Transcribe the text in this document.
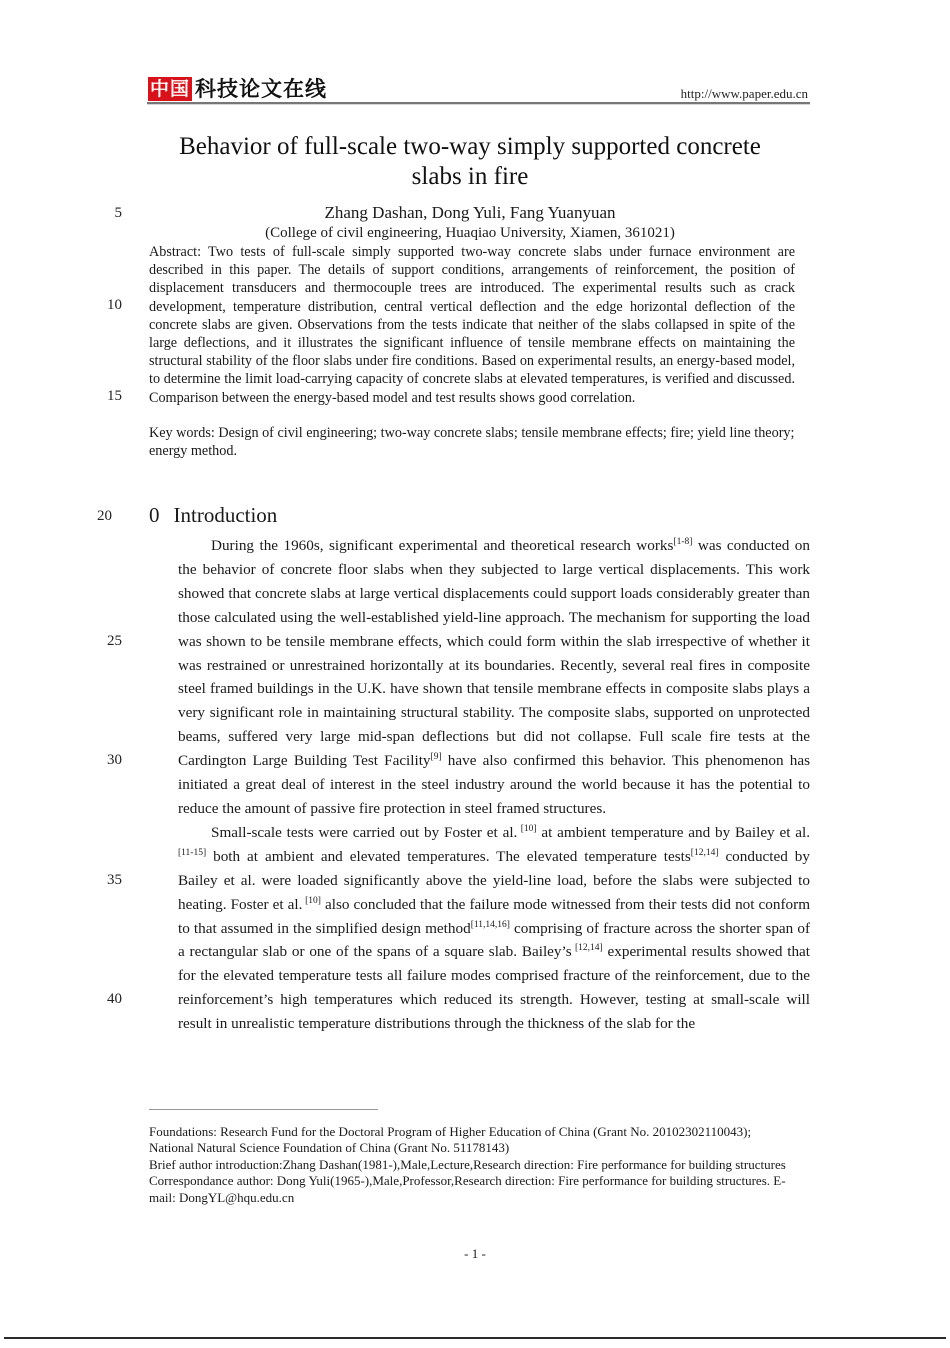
中国 科技论文在线	http://www.paper.edu.cn
Behavior of full-scale two-way simply supported concrete
slabs in fire
5
10
15
20
25
30
35
40
Zhang Dashan, Dong Yuli, Fang Yuanyuan
(College of civil engineering, Huaqiao University, Xiamen, 361021)
Abstract: Two tests of full-scale simply supported two-way concrete slabs under furnace environment are described in this paper. The details of support conditions, arrangements of reinforcement, the position of displacement transducers and thermocouple trees are introduced. The experimental results such as crack development, temperature distribution, central vertical deflection and the edge horizontal deflection of the concrete slabs are given. Observations from the tests indicate that neither of the slabs collapsed in spite of the large deflections, and it illustrates the significant influence of tensile membrane effects on maintaining the structural stability of the floor slabs under fire conditions. Based on experimental results, an energy-based model, to determine the limit load-carrying capacity of concrete slabs at elevated temperatures, is verified and discussed. Comparison between the energy-based model and test results shows good correlation.
Key words: Design of civil engineering; two-way concrete slabs; tensile membrane effects; fire; yield line theory; energy method.
0 Introduction

During the 1960s, significant experimental and theoretical research works[1-8] was conducted on the behavior of concrete floor slabs when they subjected to large vertical displacements. This work showed that concrete slabs at large vertical displacements could support loads considerably greater than those calculated using the well-established yield-line approach. The mechanism for supporting the load was shown to be tensile membrane effects, which could form within the slab irrespective of whether it was restrained or unrestrained horizontally at its boundaries. Recently, several real fires in composite steel framed buildings in the U.K. have shown that tensile membrane effects in composite slabs plays a very significant role in maintaining structural stability. The composite slabs, supported on unprotected beams, suffered very large mid-span deflections but did not collapse. Full scale fire tests at the Cardington Large Building Test Facility[9] have also confirmed this behavior. This phenomenon has initiated a great deal of interest in the steel industry around the world because it has the potential to reduce the amount of passive fire protection in steel framed structures.

Small-scale tests were carried out by Foster et al. [10] at ambient temperature and by Bailey et al. [11-15] both at ambient and elevated temperatures. The elevated temperature tests[12,14] conducted by Bailey et al. were loaded significantly above the yield-line load, before the slabs were subjected to heating. Foster et al. [10] also concluded that the failure mode witnessed from their tests did not conform to that assumed in the simplified design method[11,14,16] comprising of fracture across the shorter span of a rectangular slab or one of the spans of a square slab. Bailey’s [12,14] experimental results showed that for the elevated temperature tests all failure modes comprised fracture of the reinforcement, due to the reinforcement’s high temperatures which reduced its strength. However, testing at small-scale will result in unrealistic temperature distributions through the thickness of the slab for the

Foundations: Research Fund for the Doctoral Program of Higher Education of China (Grant No. 20102302110043); National Natural Science Foundation of China (Grant No. 51178143)
Brief author introduction:Zhang Dashan(1981-),Male,Lecture,Research direction: Fire performance for building structures
Correspondance author: Dong Yuli(1965-),Male,Professor,Research direction: Fire performance for building structures. E-mail: DongYL@hqu.edu.cn
- 1 -
